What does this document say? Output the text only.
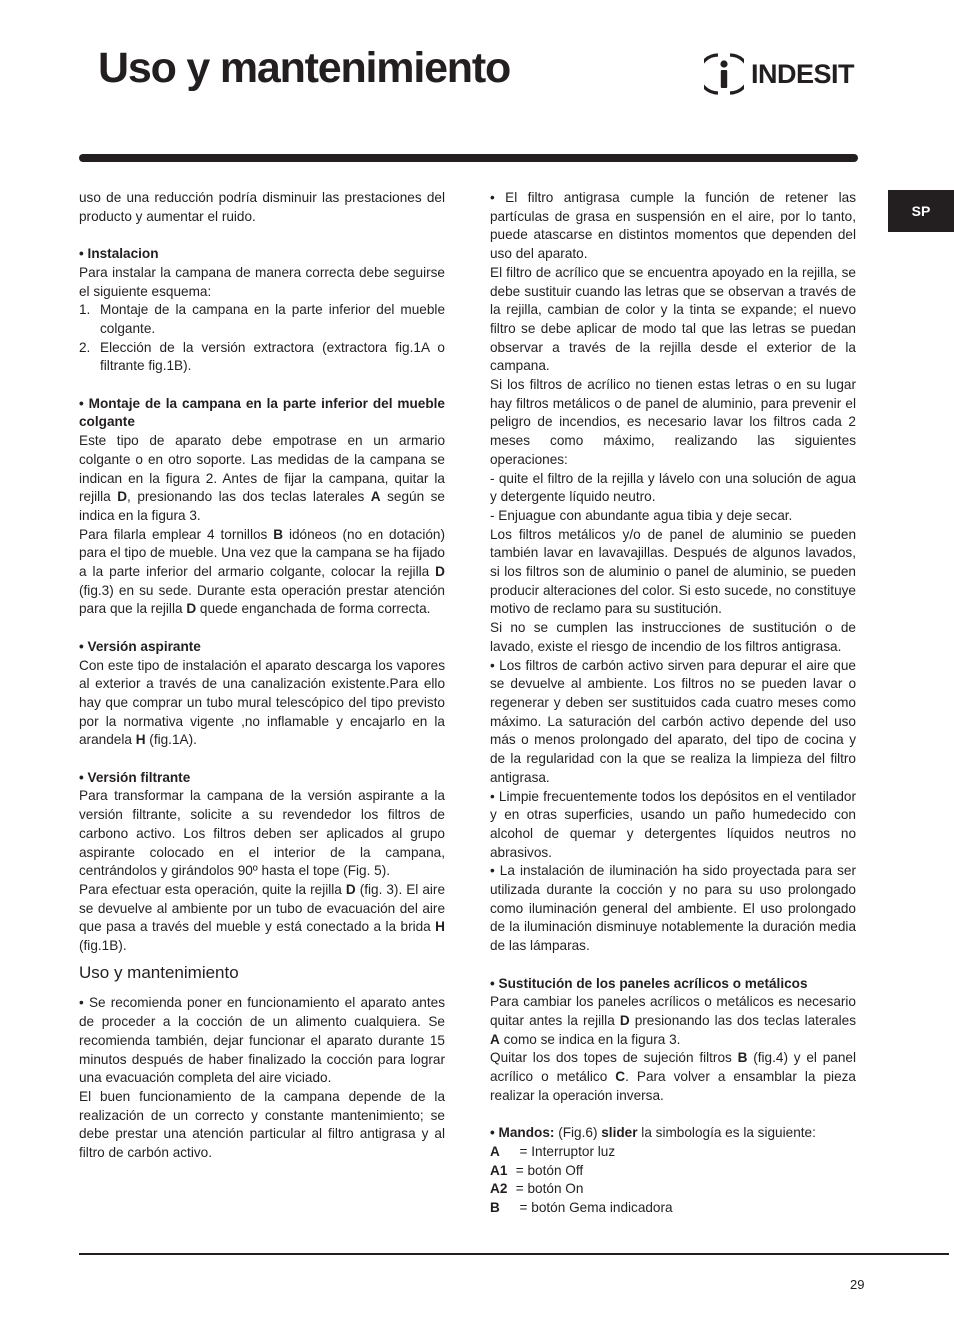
Uso y mantenimiento	INDESIT
SP

uso de una reducción podría disminuir las prestaciones del producto y aumentar el ruido.

• Instalacion

Para instalar la campana de manera correcta debe seguirse el siguiente esquema:

1. Montaje de la campana en la parte inferior del mueble colgante.
2. Elección de la versión extractora (extractora fig.1A o filtrante fig.1B).

• Montaje de la campana en la parte inferior del mueble colgante

Este tipo de aparato debe empotrase en un armario colgante o en otro soporte. Las medidas de la campana se indican en la figura 2. Antes de fijar la campana, quitar la rejilla D, presionando las dos teclas laterales A según se indica en la figura 3.

Para filarla emplear 4 tornillos B idóneos (no en dotación) para el tipo de mueble. Una vez que la campana se ha fijado a la parte inferior del armario colgante, colocar la rejilla D (fig.3) en su sede. Durante esta operación prestar atención para que la rejilla D quede enganchada de forma correcta.

• Versión aspirante

Con este tipo de instalación el aparato descarga los vapores al exterior a través de una canalización existente.Para ello hay que comprar un tubo mural telescópico del tipo previsto por la normativa vigente ,no inflamable y encajarlo en la arandela H (fig.1A).

• Versión filtrante

Para transformar la campana de la versión aspirante a la versión filtrante, solicite a su revendedor los filtros de carbono activo. Los filtros deben ser aplicados al grupo aspirante colocado en el interior de la campana, centrándolos y girándolos 90º hasta el tope (Fig. 5).

Para efectuar esta operación, quite la rejilla D (fig. 3). El aire se devuelve al ambiente por un tubo de evacuación del aire que pasa a través del mueble y está conectado a la brida H (fig.1B).

Uso y mantenimiento

• Se recomienda poner en funcionamiento el aparato antes de proceder a la cocción de un alimento cualquiera. Se recomienda también, dejar funcionar el aparato durante 15 minutos después de haber finalizado la cocción para lograr una evacuación completa del aire viciado.

El buen funcionamiento de la campana depende de la realización de un correcto y constante mantenimiento; se debe prestar una atención particular al filtro antigrasa y al filtro de carbón activo.

• El filtro antigrasa cumple la función de retener las partículas de grasa en suspensión en el aire, por lo tanto, puede atascarse en distintos momentos que dependen del uso del aparato.

El filtro de acrílico que se encuentra apoyado en la rejilla, se debe sustituir cuando las letras que se observan a través de la rejilla, cambian de color y la tinta se expande; el nuevo filtro se debe aplicar de modo tal que las letras se puedan observar a través de la rejilla desde el exterior de la campana.

Si los filtros de acrílico no tienen estas letras o en su lugar hay filtros metálicos o de panel de aluminio, para prevenir el peligro de incendios, es necesario lavar los filtros cada 2 meses como máximo, realizando las siguientes operaciones:

- quite el filtro de la rejilla y lávelo con una solución de agua y detergente líquido neutro.

- Enjuague con abundante agua tibia y deje secar.

Los filtros metálicos y/o de panel de aluminio se pueden también lavar en lavavajillas. Después de algunos lavados, si los filtros son de aluminio o panel de aluminio, se pueden producir alteraciones del color. Si esto sucede, no constituye motivo de reclamo para su sustitución.

Si no se cumplen las instrucciones de sustitución o de lavado, existe el riesgo de incendio de los filtros antigrasa.

• Los filtros de carbón activo sirven para depurar el aire que se devuelve al ambiente. Los filtros no se pueden lavar o regenerar y deben ser sustituidos cada cuatro meses como máximo. La saturación del carbón activo depende del uso más o menos prolongado del aparato, del tipo de cocina y de la regularidad con la que se realiza la limpieza del filtro antigrasa.

• Limpie frecuentemente todos los depósitos en el ventilador y en otras superficies, usando un paño humedecido con alcohol de quemar y detergentes líquidos neutros no abrasivos.

• La instalación de iluminación ha sido proyectada para ser utilizada durante la cocción y no para su uso prolongado como iluminación general del ambiente. El uso prolongado de la iluminación disminuye notablemente la duración media de las lámparas.

• Sustitución de los paneles acrílicos o metálicos

Para cambiar los paneles acrílicos o metálicos es necesario quitar antes la rejilla D presionando las dos teclas laterales A como se indica en la figura 3.

Quitar los dos topes de sujeción filtros B (fig.4) y el panel acrílico o metálico C. Para volver a ensamblar la pieza realizar la operación inversa.

• Mandos: (Fig.6) slider la simbología es la siguiente:

A = Interruptor luz
A1 = botón Off
A2 = botón On
B = botón Gema indicadora
29
